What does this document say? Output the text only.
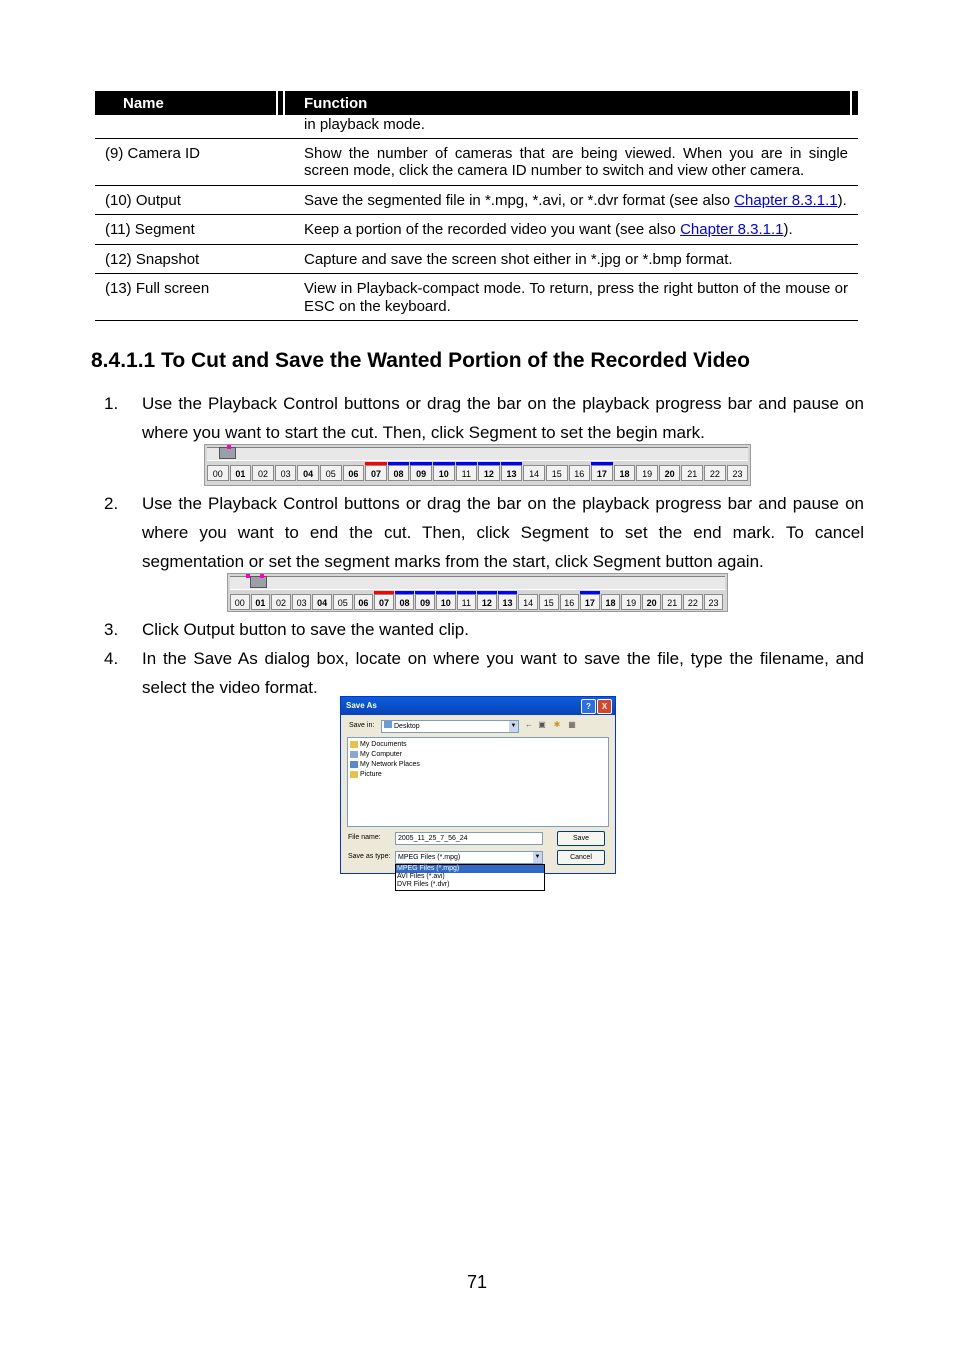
Name	Function
in playback mode.
(9) Camera ID	Show the number of cameras that are being viewed. When you are in single screen mode, click the camera ID number to switch and view other camera.
(10) Output	Save the segmented file in *.mpg, *.avi, or *.dvr format (see also Chapter 8.3.1.1).
(11) Segment	Keep a portion of the recorded video you want (see also Chapter 8.3.1.1).
(12) Snapshot	Capture and save the screen shot either in *.jpg or *.bmp format.
(13) Full screen	View in Playback-compact mode. To return, press the right button of the mouse or ESC on the keyboard.
8.4.1.1 To Cut and Save the Wanted Portion of the Recorded Video
1. Use the Playback Control buttons or drag the bar on the playback progress bar and pause on where you want to start the cut. Then, click Segment to set the begin mark.
00	01	02	03	04	05	06	07	08	09	10	11	12	13	14	15	16	17	18	19	20	21	22	23
2. Use the Playback Control buttons or drag the bar on the playback progress bar and pause on where you want to end the cut. Then, click Segment to set the end mark. To cancel segmentation or set the segment marks from the start, click Segment button again.
00	01	02	03	04	05	06	07	08	09	10	11	12	13	14	15	16	17	18	19	20	21	22	23
3. Click Output button to save the wanted clip.
4. In the Save As dialog box, locate on where you want to save the file, type the filename, and select the video format.
Save As	?	X
Save in:	Desktop	▼ ← ▣ ✱ ▦
My Documents
My Computer
My Network Places
Picture
File name:	2005_11_25_7_56_24
Save as type:	MPEG Files (*.mpg)	▼
Save
Cancel
MPEG Files (*.mpg)
AVI Files (*.avi)
DVR Files (*.dvr)
71
